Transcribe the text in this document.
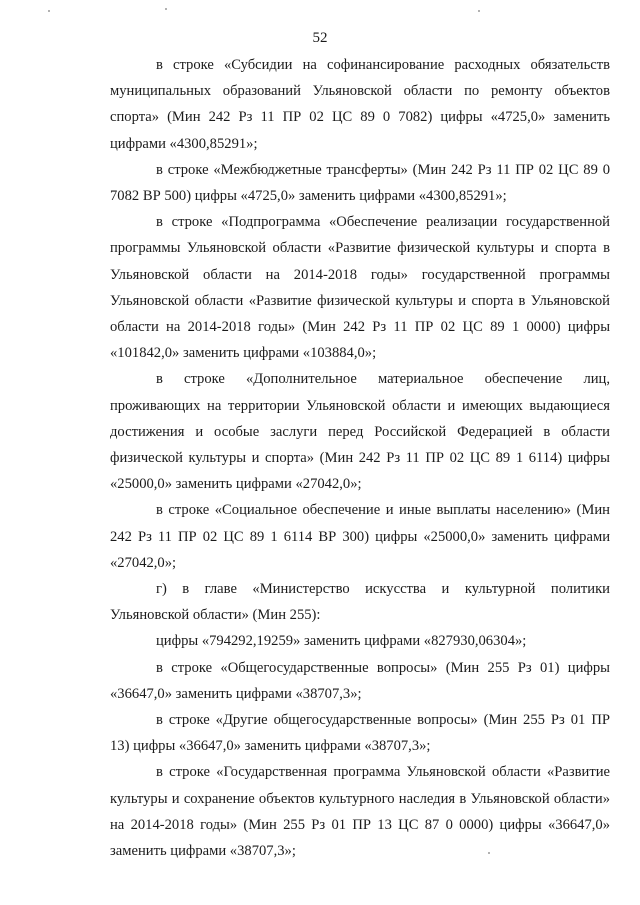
52

в строке «Субсидии на софинансирование расходных обязательств муниципальных образований Ульяновской области по ремонту объектов спорта» (Мин 242 Рз 11 ПР 02 ЦС 89 0 7082) цифры «4725,0» заменить цифрами «4300,85291»;

в строке «Межбюджетные трансферты» (Мин 242 Рз 11 ПР 02 ЦС 89 0 7082 ВР 500) цифры «4725,0» заменить цифрами «4300,85291»;

в строке «Подпрограмма «Обеспечение реализации государственной программы Ульяновской области «Развитие физической культуры и спорта в Ульяновской области на 2014-2018 годы» государственной программы Ульяновской области «Развитие физической культуры и спорта в Ульяновской области на 2014-2018 годы» (Мин 242 Рз 11 ПР 02 ЦС 89 1 0000) цифры «101842,0» заменить цифрами «103884,0»;

в строке «Дополнительное материальное обеспечение лиц, проживающих на территории Ульяновской области и имеющих выдающиеся достижения и особые заслуги перед Российской Федерацией в области физической культуры и спорта» (Мин 242 Рз 11 ПР 02 ЦС 89 1 6114) цифры «25000,0» заменить цифрами «27042,0»;

в строке «Социальное обеспечение и иные выплаты населению» (Мин 242 Рз 11 ПР 02 ЦС 89 1 6114 ВР 300) цифры «25000,0» заменить цифрами «27042,0»;

г) в главе «Министерство искусства и культурной политики Ульяновской области» (Мин 255):

цифры «794292,19259» заменить цифрами «827930,06304»;

в строке «Общегосударственные вопросы» (Мин 255 Рз 01) цифры «36647,0» заменить цифрами «38707,3»;

в строке «Другие общегосударственные вопросы» (Мин 255 Рз 01 ПР 13) цифры «36647,0» заменить цифрами «38707,3»;

в строке «Государственная программа Ульяновской области «Развитие культуры и сохранение объектов культурного наследия в Ульяновской области» на 2014-2018 годы» (Мин 255 Рз 01 ПР 13 ЦС 87 0 0000) цифры «36647,0» заменить цифрами «38707,3»;
